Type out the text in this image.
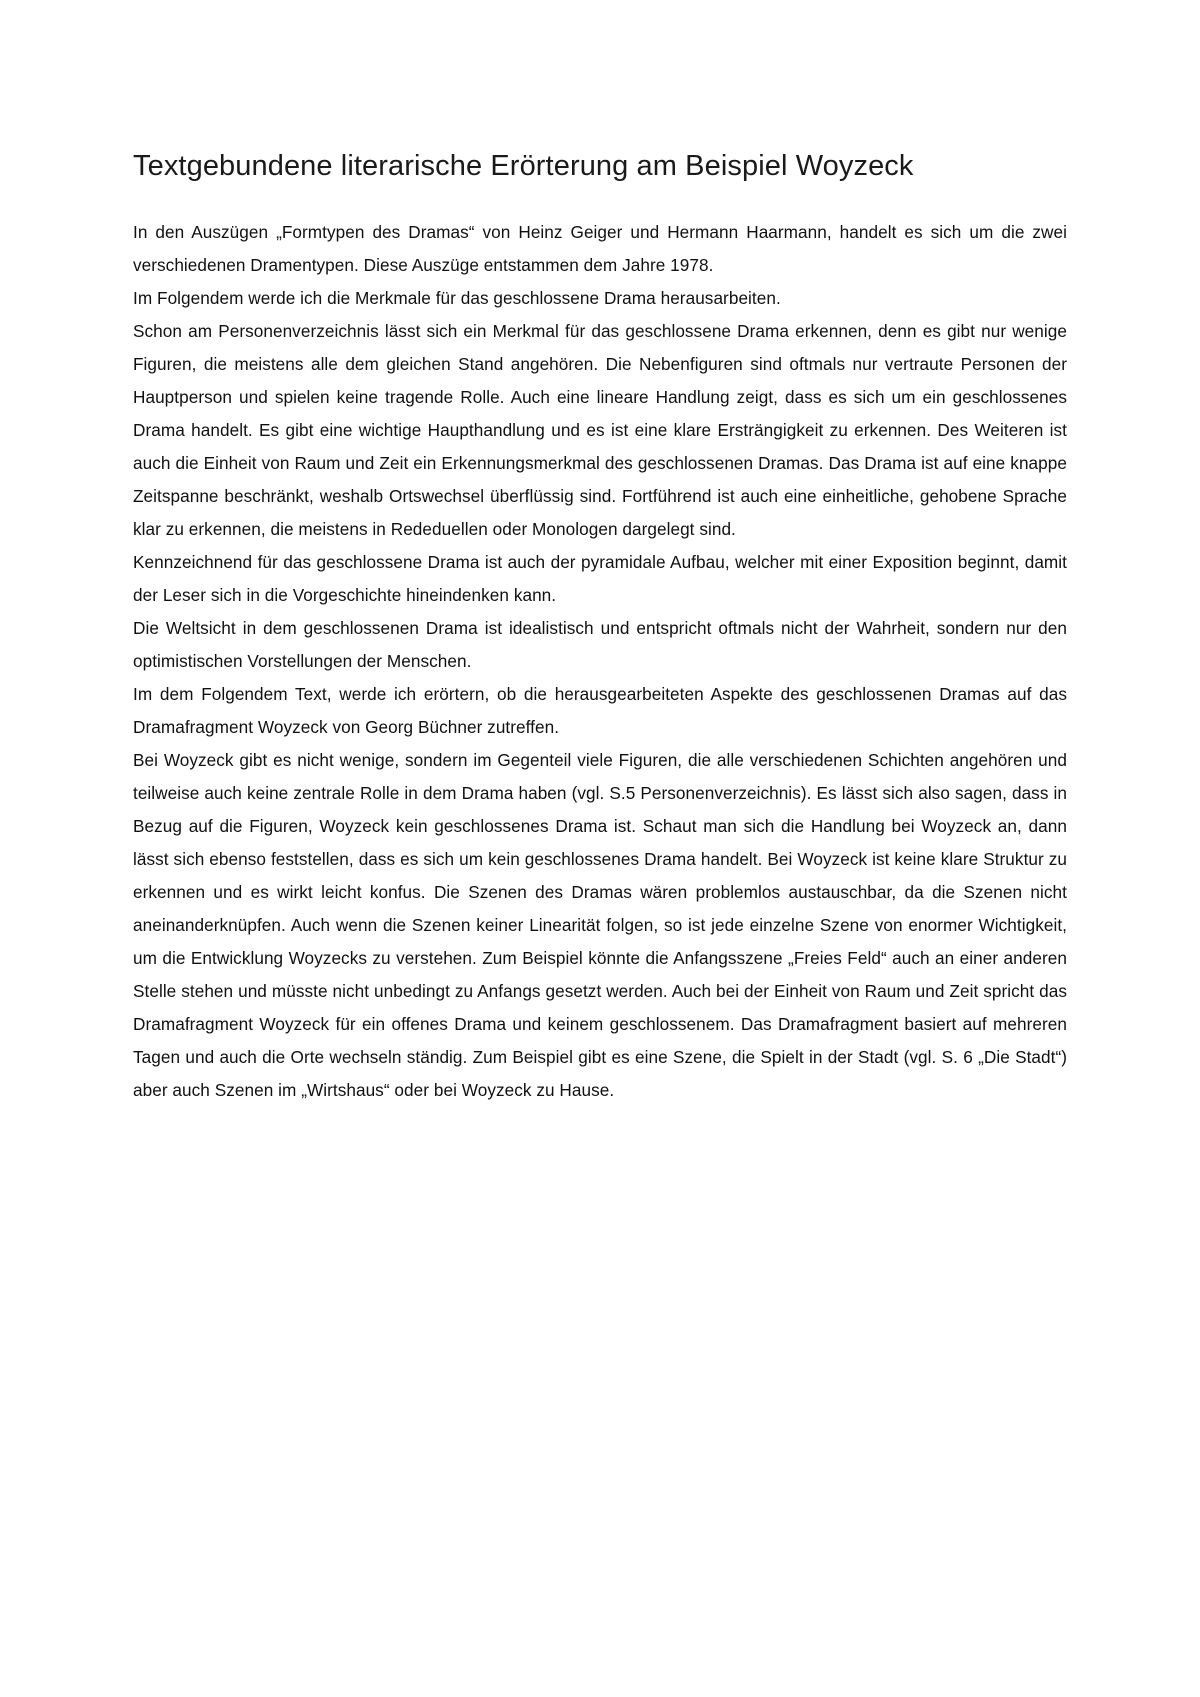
Textgebundene literarische Erörterung am Beispiel Woyzeck

In den Auszügen „Formtypen des Dramas“ von Heinz Geiger und Hermann Haarmann, handelt es sich um die zwei verschiedenen Dramentypen. Diese Auszüge entstammen dem Jahre 1978.

Im Folgendem werde ich die Merkmale für das geschlossene Drama herausarbeiten.

Schon am Personenverzeichnis lässt sich ein Merkmal für das geschlossene Drama erkennen, denn es gibt nur wenige Figuren, die meistens alle dem gleichen Stand angehören. Die Nebenfiguren sind oftmals nur vertraute Personen der Hauptperson und spielen keine tragende Rolle. Auch eine lineare Handlung zeigt, dass es sich um ein geschlossenes Drama handelt. Es gibt eine wichtige Haupthandlung und es ist eine klare Ersträngigkeit zu erkennen. Des Weiteren ist auch die Einheit von Raum und Zeit ein Erkennungsmerkmal des geschlossenen Dramas. Das Drama ist auf eine knappe Zeitspanne beschränkt, weshalb Ortswechsel überflüssig sind. Fortführend ist auch eine einheitliche, gehobene Sprache klar zu erkennen, die meistens in Rededuellen oder Monologen dargelegt sind.

Kennzeichnend für das geschlossene Drama ist auch der pyramidale Aufbau, welcher mit einer Exposition beginnt, damit der Leser sich in die Vorgeschichte hineindenken kann.

Die Weltsicht in dem geschlossenen Drama ist idealistisch und entspricht oftmals nicht der Wahrheit, sondern nur den optimistischen Vorstellungen der Menschen.

Im dem Folgendem Text, werde ich erörtern, ob die herausgearbeiteten Aspekte des geschlossenen Dramas auf das Dramafragment Woyzeck von Georg Büchner zutreffen.

Bei Woyzeck gibt es nicht wenige, sondern im Gegenteil viele Figuren, die alle verschiedenen Schichten angehören und teilweise auch keine zentrale Rolle in dem Drama haben (vgl. S.5 Personenverzeichnis). Es lässt sich also sagen, dass in Bezug auf die Figuren, Woyzeck kein geschlossenes Drama ist. Schaut man sich die Handlung bei Woyzeck an, dann lässt sich ebenso feststellen, dass es sich um kein geschlossenes Drama handelt. Bei Woyzeck ist keine klare Struktur zu erkennen und es wirkt leicht konfus. Die Szenen des Dramas wären problemlos austauschbar, da die Szenen nicht aneinanderknüpfen. Auch wenn die Szenen keiner Linearität folgen, so ist jede einzelne Szene von enormer Wichtigkeit, um die Entwicklung Woyzecks zu verstehen. Zum Beispiel könnte die Anfangsszene „Freies Feld“ auch an einer anderen Stelle stehen und müsste nicht unbedingt zu Anfangs gesetzt werden. Auch bei der Einheit von Raum und Zeit spricht das Dramafragment Woyzeck für ein offenes Drama und keinem geschlossenem. Das Dramafragment basiert auf mehreren Tagen und auch die Orte wechseln ständig. Zum Beispiel gibt es eine Szene, die Spielt in der Stadt (vgl. S. 6 „Die Stadt“) aber auch Szenen im „Wirtshaus“ oder bei Woyzeck zu Hause.
